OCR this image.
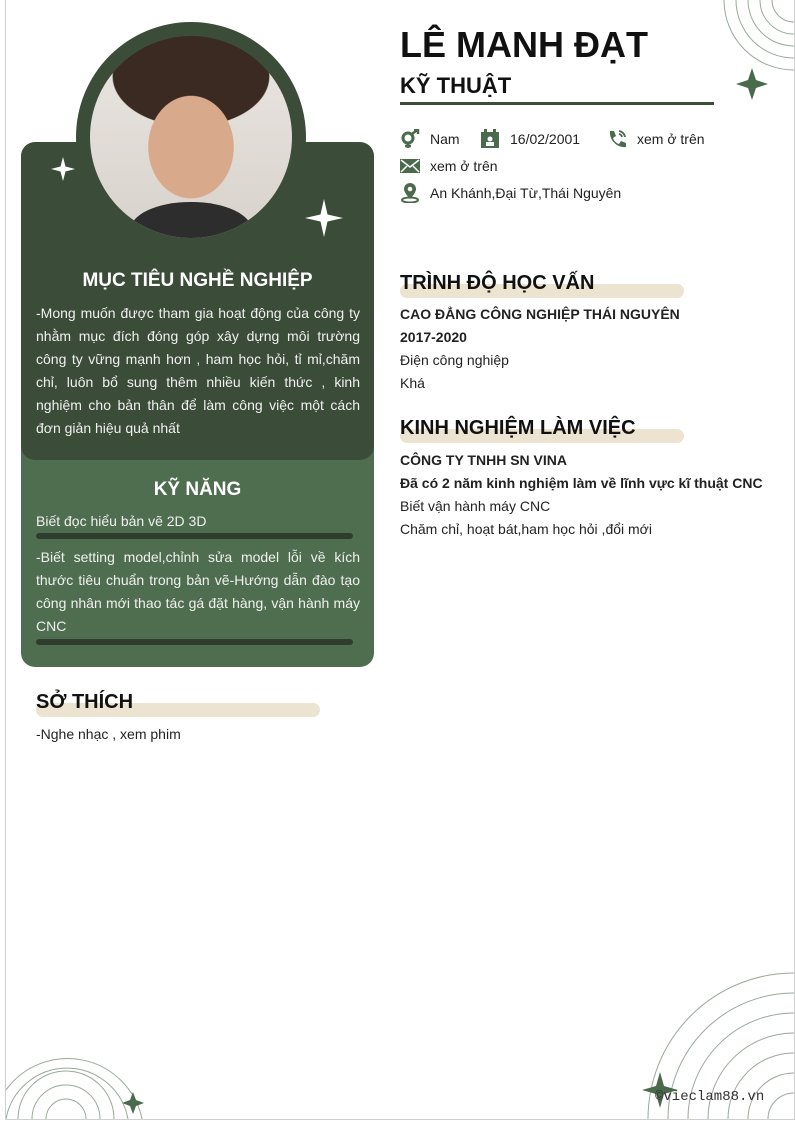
MỤC TIÊU NGHỀ NGHIỆP
-Mong muốn được tham gia hoạt động của công ty nhằm mục đích đóng góp xây dựng môi trường công ty vững mạnh hơn , ham học hỏi, tỉ mỉ,chăm chỉ, luôn bổ sung thêm nhiều kiến thức , kinh nghiệm cho bản thân để làm công việc một cách đơn giản hiệu quả nhất
KỸ NĂNG
Biết đọc hiểu bản vẽ 2D 3D
-Biết setting model,chỉnh sửa model lỗi về kích thước tiêu chuẩn trong bản vẽ-Hướng dẫn đào tạo công nhân mới thao tác gá đặt hàng, vận hành máy CNC
SỞ THÍCH
-Nghe nhạc , xem phim
LÊ MANH ĐẠT
KỸ THUẬT
Nam	16/02/2001	xem ở trên
xem ở trên
An Khánh,Đại Từ,Thái Nguyên
TRÌNH ĐỘ HỌC VẤN
CAO ĐẲNG CÔNG NGHIỆP THÁI NGUYÊN
2017-2020
Điện công nghiệp
Khá
KINH NGHIỆM LÀM VIỆC
CÔNG TY TNHH SN VINA
Đã có 2 năm kinh nghiệm làm về lĩnh vực kĩ thuật CNC
Biết vận hành máy CNC
Chăm chỉ, hoạt bát,ham học hỏi ,đổi mới
©vieclam88.vn
